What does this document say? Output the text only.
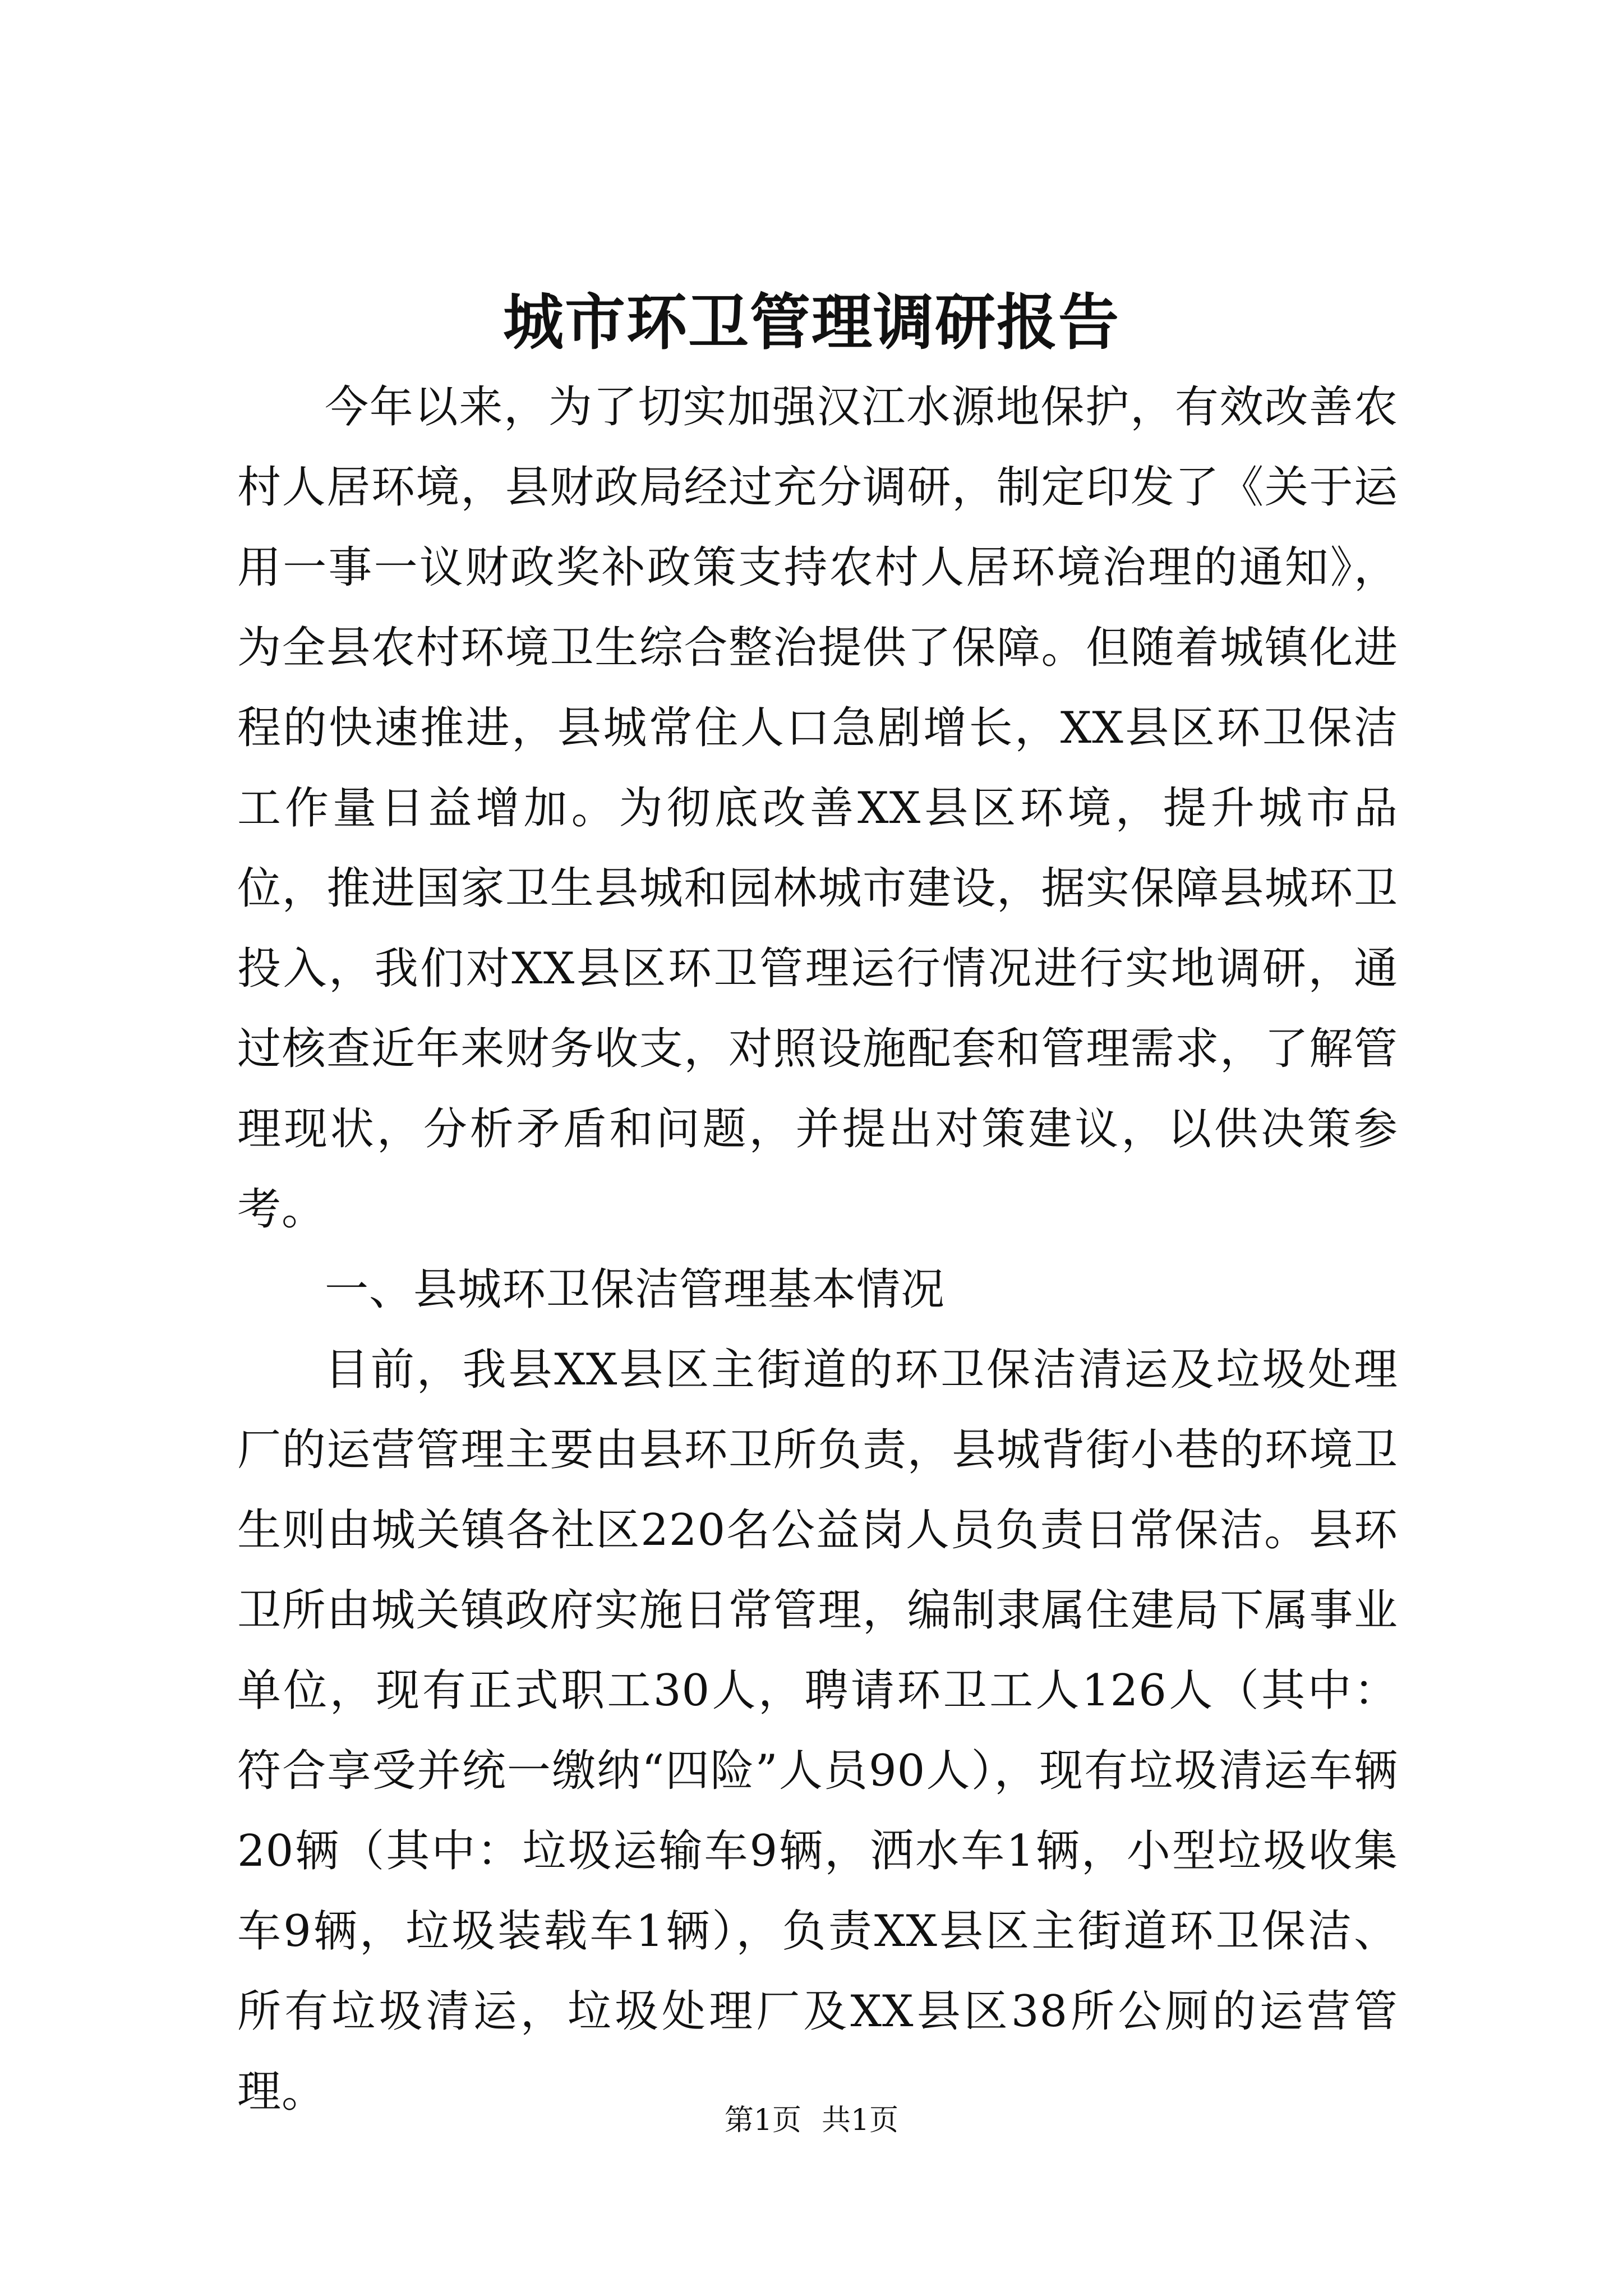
城市环卫管理调研报告

今年以来，为了切实加强汉江水源地保护，有效改善农村人居环境，县财政局经过充分调研，制定印发了《关于运用一事一议财政奖补政策支持农村人居环境治理的通知》，为全县农村环境卫生综合整治提供了保障。但随着城镇化进程的快速推进，县城常住人口急剧增长，XX县区环卫保洁工作量日益增加。为彻底改善XX县区环境，提升城市品位，推进国家卫生县城和园林城市建设，据实保障县城环卫投入，我们对XX县区环卫管理运行情况进行实地调研，通过核查近年来财务收支，对照设施配套和管理需求，了解管理现状，分析矛盾和问题，并提出对策建议，以供决策参考。

一、县城环卫保洁管理基本情况

目前，我县XX县区主街道的环卫保洁清运及垃圾处理厂的运营管理主要由县环卫所负责，县城背街小巷的环境卫生则由城关镇各社区220名公益岗人员负责日常保洁。县环卫所由城关镇政府实施日常管理，编制隶属住建局下属事业单位，现有正式职工30人，聘请环卫工人126人（其中：符合享受并统一缴纳“四险”人员90人），现有垃圾清运车辆20辆（其中：垃圾运输车9辆，洒水车1辆，小型垃圾收集车9辆，垃圾装载车1辆），负责XX县区主街道环卫保洁、所有垃圾清运，垃圾处理厂及XX县区38所公厕的运营管理。

第1页 共1页
